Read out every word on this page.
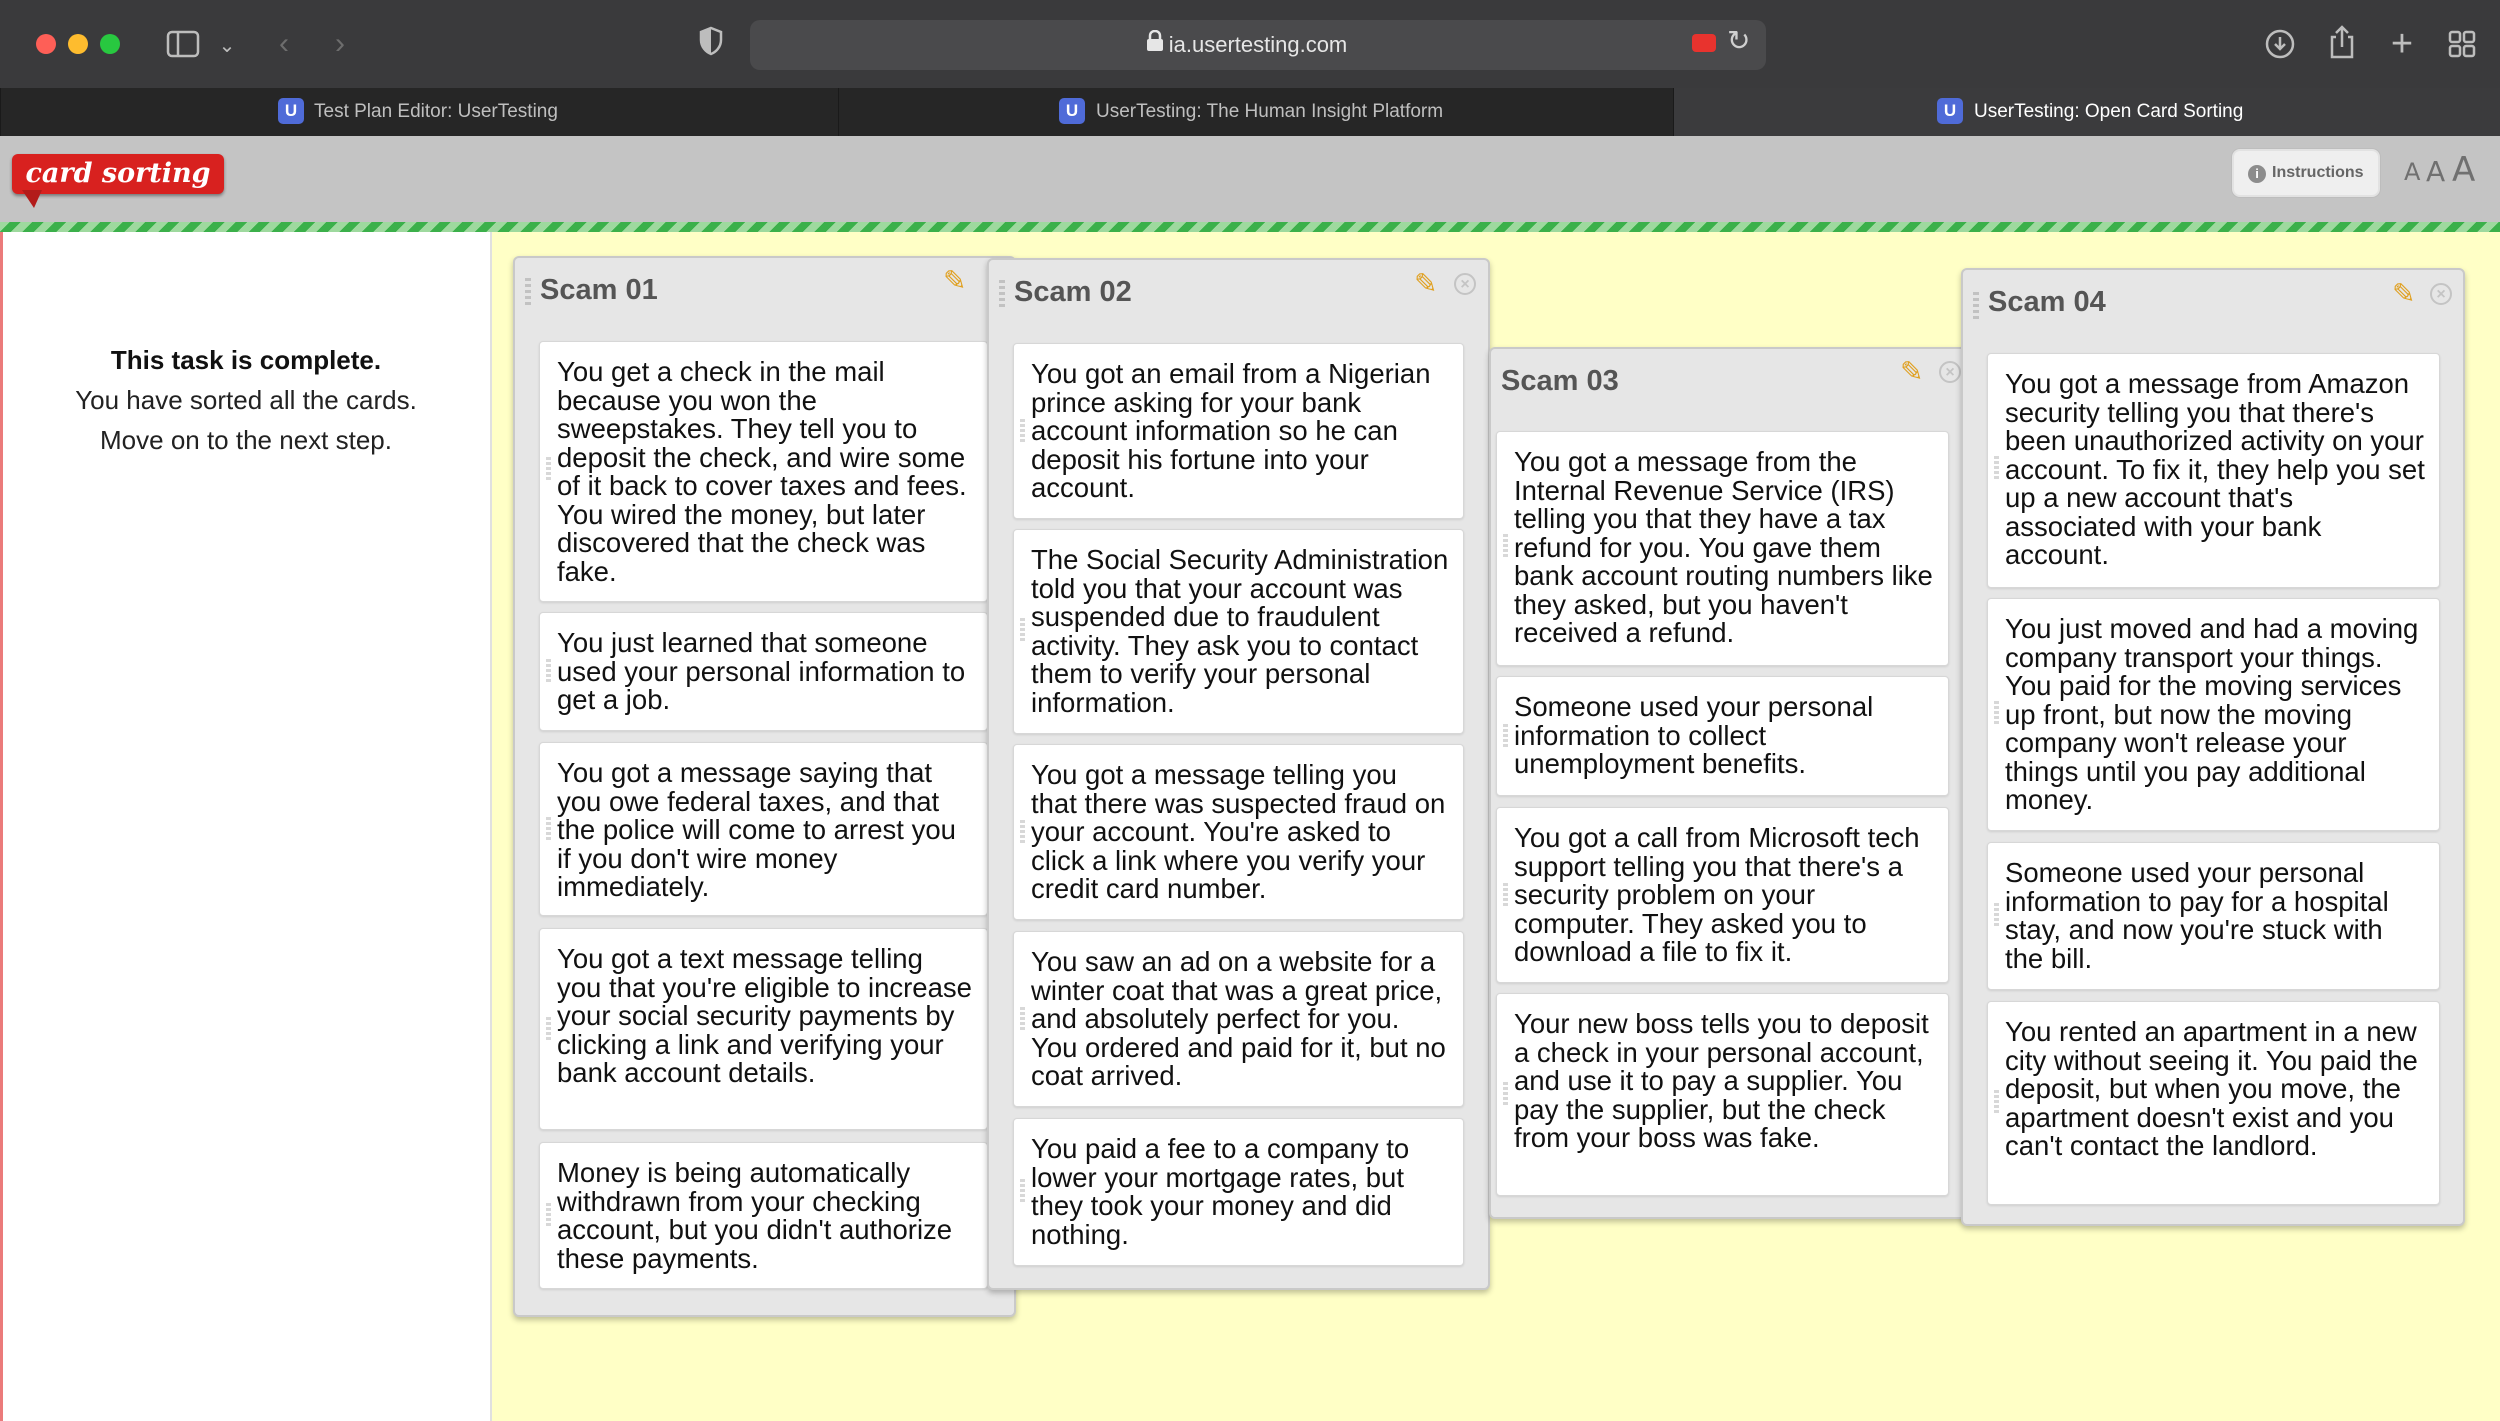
⌄	‹	›	ia.usertesting.com	↻	+
U Test Plan Editor: UserTesting	U UserTesting: The Human Insight Platform	U UserTesting: Open Card Sorting
card sorting	i Instructions A A A
This task is complete.
You have sorted all the cards.
Move on to the next step.
Scam 01	✎
You get a check in the mail because you won the sweepstakes. They tell you to deposit the check, and wire some of it back to cover taxes and fees. You wired the money, but later discovered that the check was fake.
You just learned that someone used your personal information to get a job.
You got a message saying that you owe federal taxes, and that the police will come to arrest you if you don't wire money immediately.
You got a text message telling you that you're eligible to increase your social security payments by clicking a link and verifying your bank account details.
Money is being automatically withdrawn from your checking account, but you didn't authorize these payments.
Scam 02	✎	×
You got an email from a Nigerian prince asking for your bank account information so he can deposit his fortune into your account.
The Social Security Administration told you that your account was suspended due to fraudulent activity. They ask you to contact them to verify your personal information.
You got a message telling you that there was suspected fraud on your account. You're asked to click a link where you verify your credit card number.
You saw an ad on a website for a winter coat that was a great price, and absolutely perfect for you. You ordered and paid for it, but no coat arrived.
You paid a fee to a company to lower your mortgage rates, but they took your money and did nothing.
Scam 03	✎	×
You got a message from the Internal Revenue Service (IRS) telling you that they have a tax refund for you. You gave them bank account routing numbers like they asked, but you haven't received a refund.
Someone used your personal information to collect unemployment benefits.
You got a call from Microsoft tech support telling you that there's a security problem on your computer. They asked you to download a file to fix it.
Your new boss tells you to deposit a check in your personal account, and use it to pay a supplier. You pay the supplier, but the check from your boss was fake.
Scam 04	✎	×
You got a message from Amazon security telling you that there's been unauthorized activity on your account. To fix it, they help you set up a new account that's associated with your bank account.
You just moved and had a moving company transport your things. You paid for the moving services up front, but now the moving company won't release your things until you pay additional money.
Someone used your personal information to pay for a hospital stay, and now you're stuck with the bill.
You rented an apartment in a new city without seeing it. You paid the deposit, but when you move, the apartment doesn't exist and you can't contact the landlord.
